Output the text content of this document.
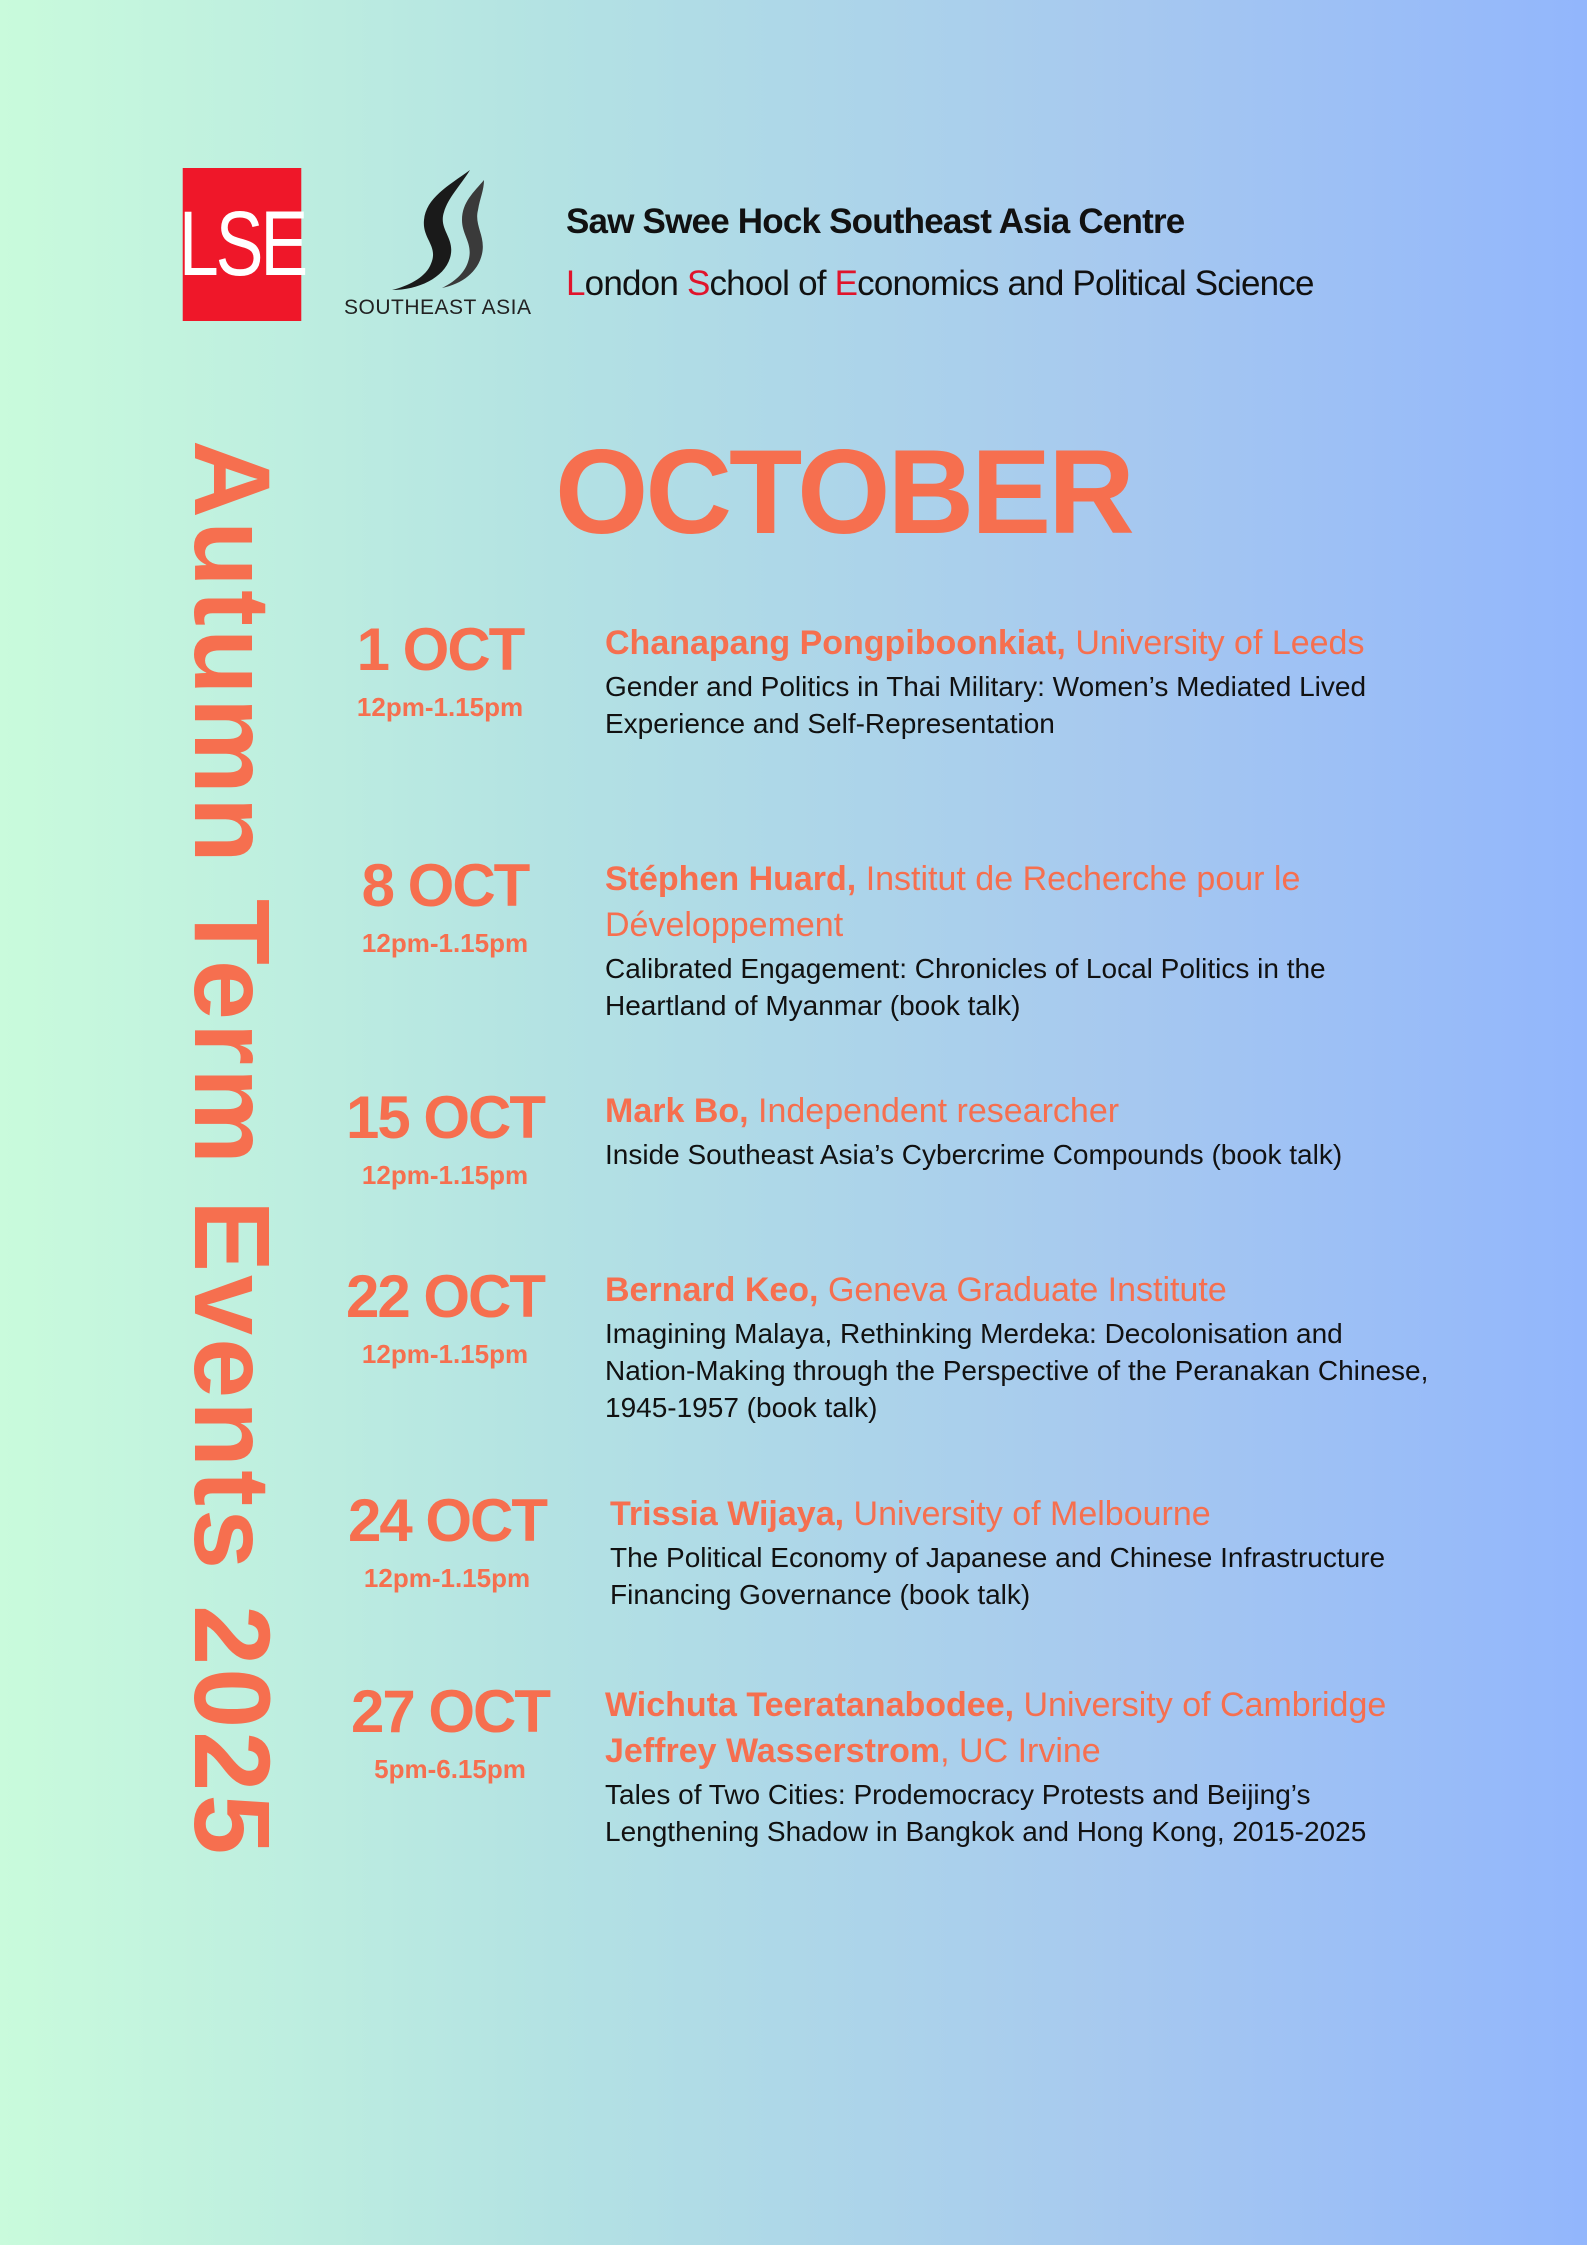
LSE
SOUTHEAST ASIA
Saw Swee Hock Southeast Asia Centre
London School of Economics and Political Science
Autumn Term Events 2025 OCTOBER
1 OCT
12pm-1.15pm
Chanapang Pongpiboonkiat, University of Leeds
Gender and Politics in Thai Military: Women’s Mediated Lived Experience and Self-Representation
8 OCT
12pm-1.15pm
Stéphen Huard, Institut de Recherche pour le Développement
Calibrated Engagement: Chronicles of Local Politics in the Heartland of Myanmar (book talk)
15 OCT
12pm-1.15pm
Mark Bo, Independent researcher
Inside Southeast Asia’s Cybercrime Compounds (book talk)
22 OCT
12pm-1.15pm
Bernard Keo, Geneva Graduate Institute
Imagining Malaya, Rethinking Merdeka: Decolonisation and Nation-Making through the Perspective of the Peranakan Chinese, 1945-1957 (book talk)
24 OCT
12pm-1.15pm
Trissia Wijaya, University of Melbourne
The Political Economy of Japanese and Chinese Infrastructure Financing Governance (book talk)
27 OCT
5pm-6.15pm
Wichuta Teeratanabodee, University of Cambridge
Jeffrey Wasserstrom, UC Irvine
Tales of Two Cities: Prodemocracy Protests and Beijing’s Lengthening Shadow in Bangkok and Hong Kong, 2015-2025
